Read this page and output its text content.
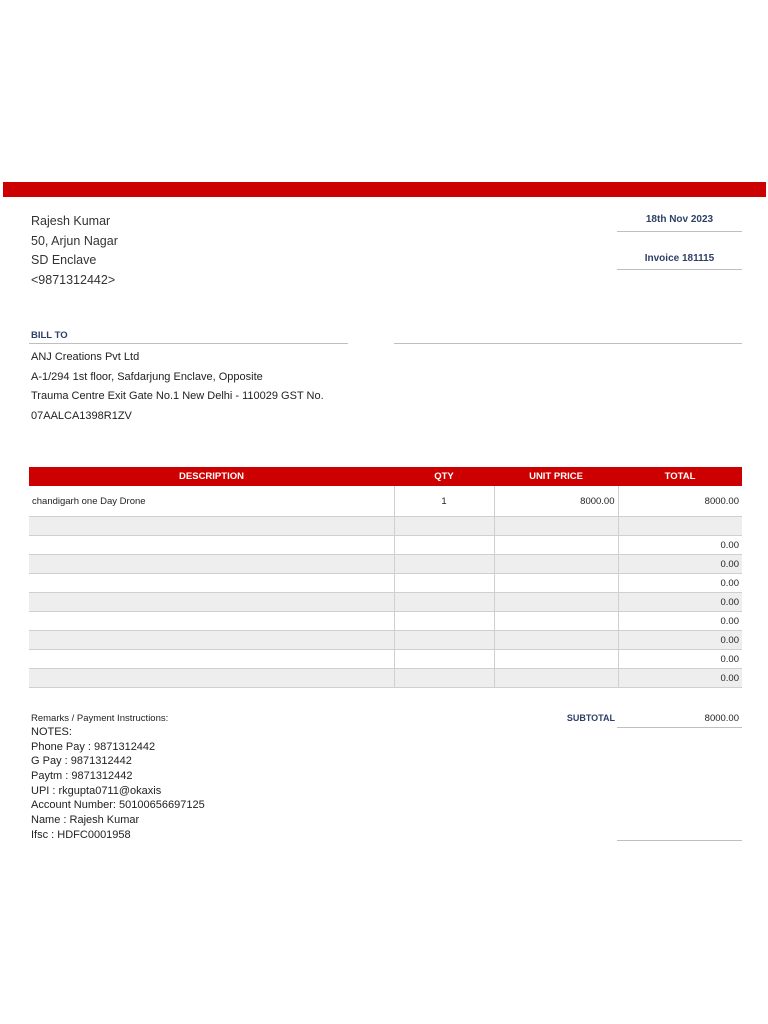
Rajesh Kumar
50, Arjun Nagar
SD Enclave
<9871312442>
18th Nov 2023
Invoice 181115
BILL TO
ANJ Creations Pvt Ltd
A-1/294 1st floor, Safdarjung Enclave, Opposite
Trauma Centre Exit Gate No.1 New Delhi - 110029 GST No.
07AALCA1398R1ZV
DESCRIPTION	QTY	UNIT PRICE	TOTAL
chandigarh one Day Drone	1	8000.00	8000.00

			0.00
			0.00
			0.00
			0.00
			0.00
			0.00
			0.00
			0.00
Remarks / Payment Instructions:	SUBTOTAL	8000.00
NOTES:
Phone Pay : 9871312442
G Pay : 9871312442
Paytm : 9871312442
UPI : rkgupta0711@okaxis
Account Number: 50100656697125
Name : Rajesh Kumar
Ifsc : HDFC0001958
